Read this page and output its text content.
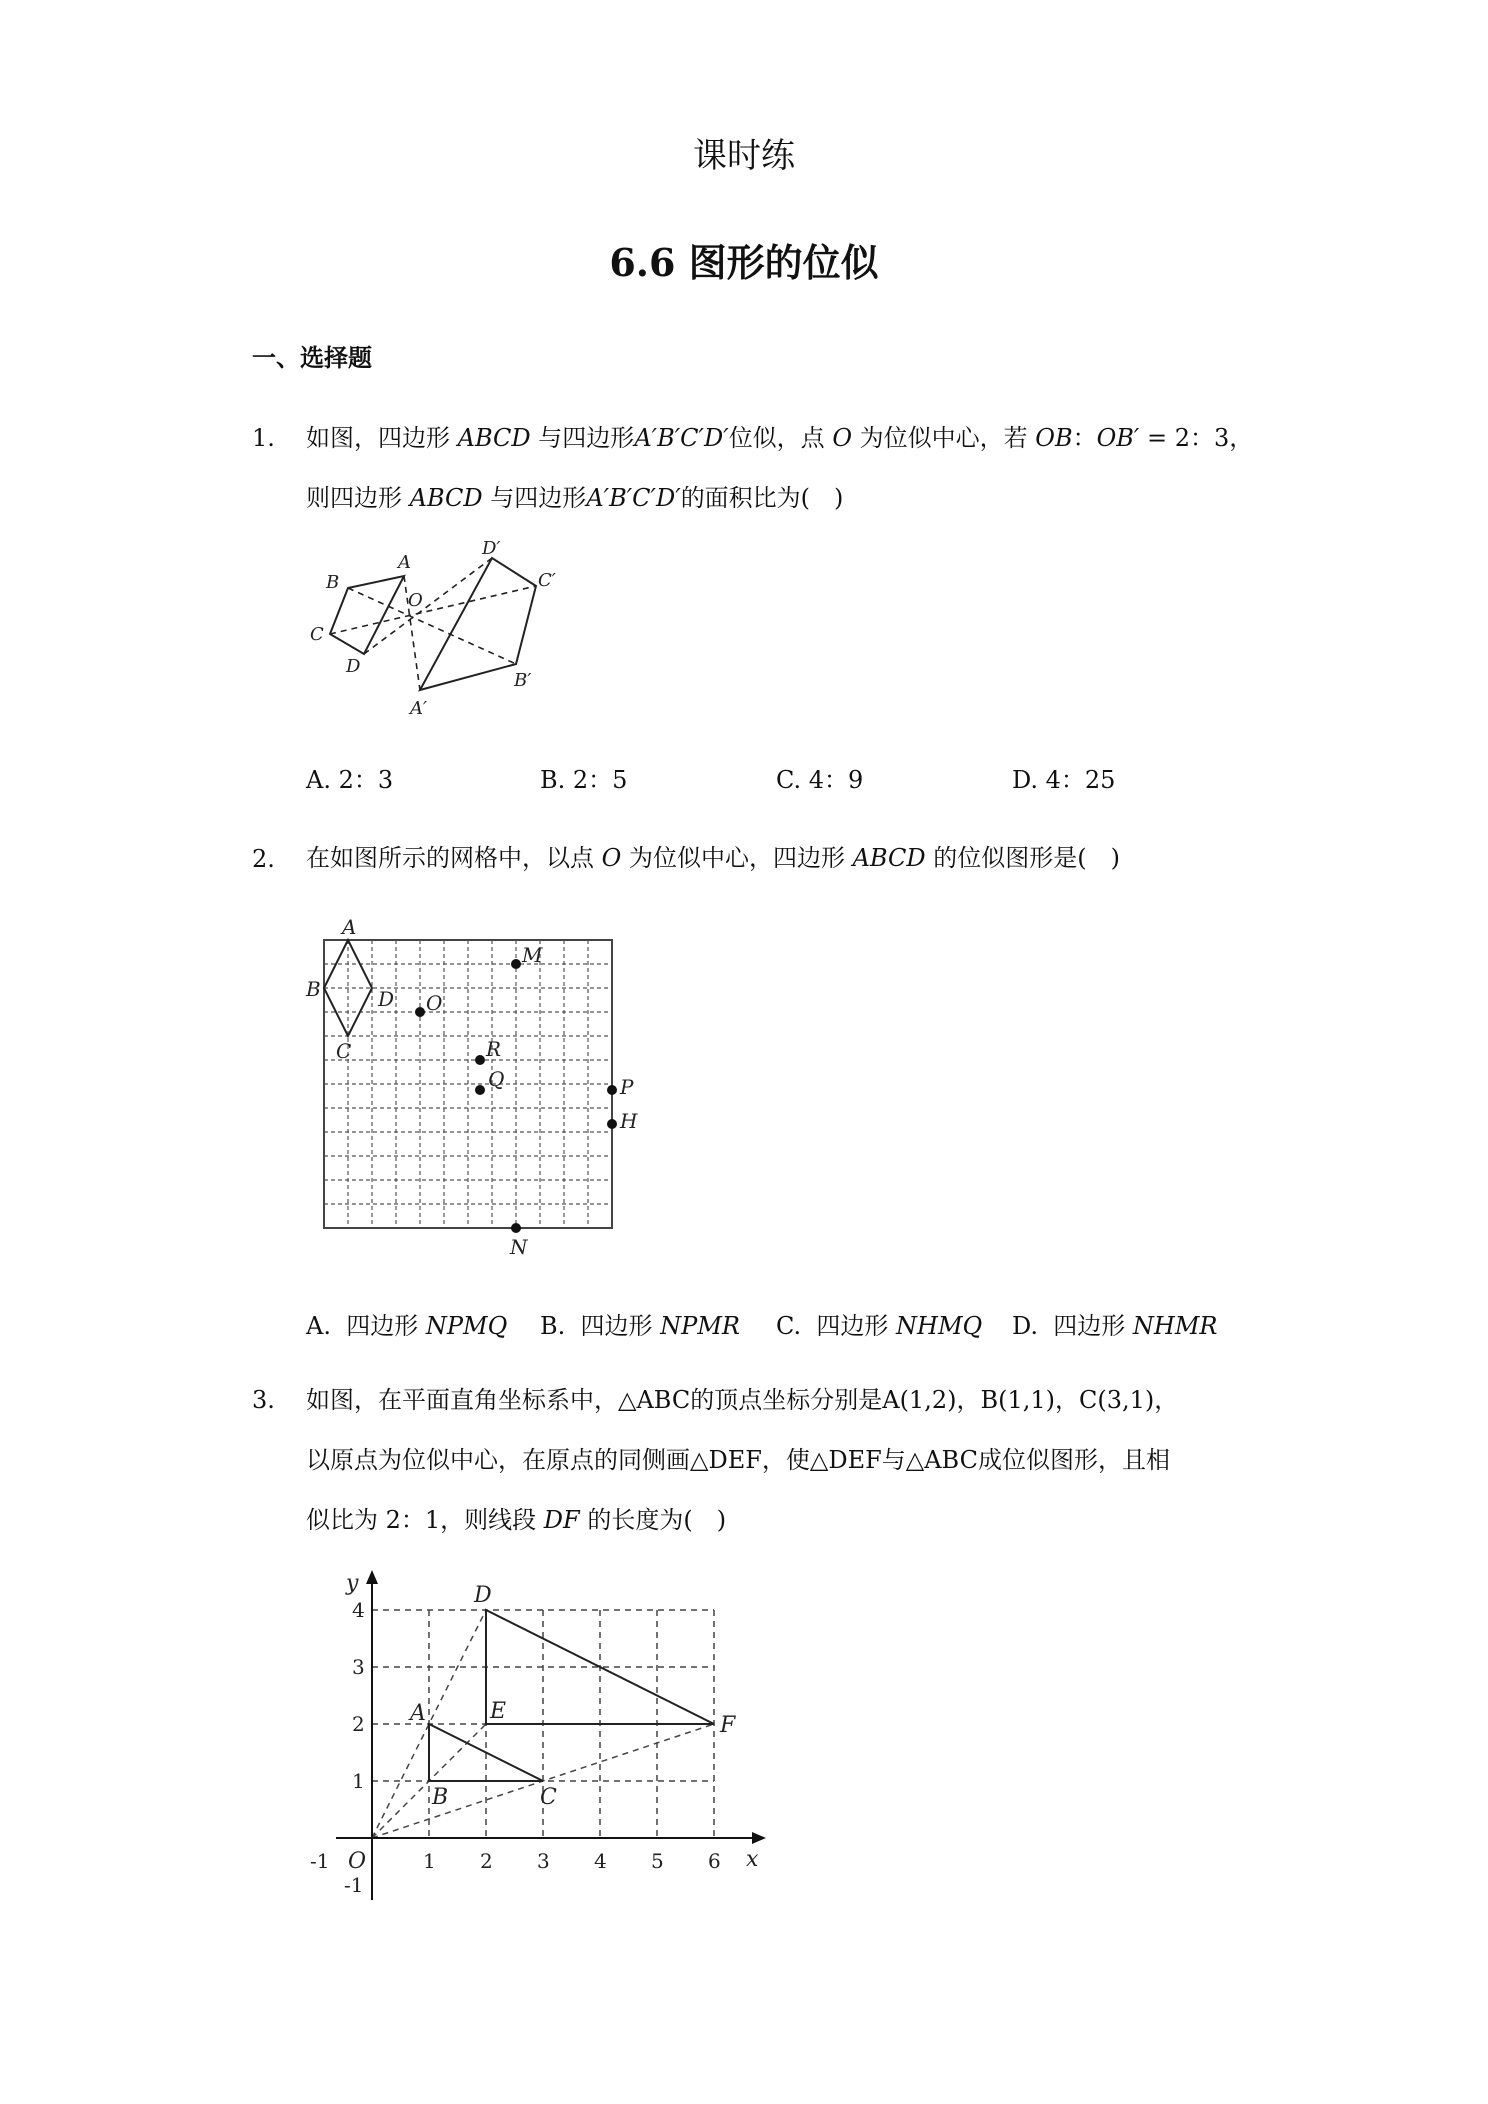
课时练
6.6 图形的位似
一、选择题
1. 如图，四边形 ABCD 与四边形A′B′C′D′位似，点 O 为位似中心，若 OB：OB′ = 2：3，
则四边形 ABCD 与四边形A′B′C′D′的面积比为(　)
A
B
C
D
O
A′
B′
C′
D′
A. 2：3	B. 2：5	C. 4：9	D. 4：25
2. 在如图所示的网格中，以点 O 为位似中心，四边形 ABCD 的位似图形是(　)
A
B
C
D O
M
R
Q	P
H
N
A. 四边形 NPMQ B. 四边形 NPMR C. 四边形 NHMQ D. 四边形 NHMR
3. 如图，在平面直角坐标系中，△ABC的顶点坐标分别是A(1,2)，B(1,1)，C(3,1)，
以原点为位似中心，在原点的同侧画△DEF，使△DEF与△ABC成位似图形，且相
似比为 2：1，则线段 DF 的长度为(　)
-1	1 2 3 4 5 6
4
3
2
1
-1
x
y
O
A
B	C
D
E
F
